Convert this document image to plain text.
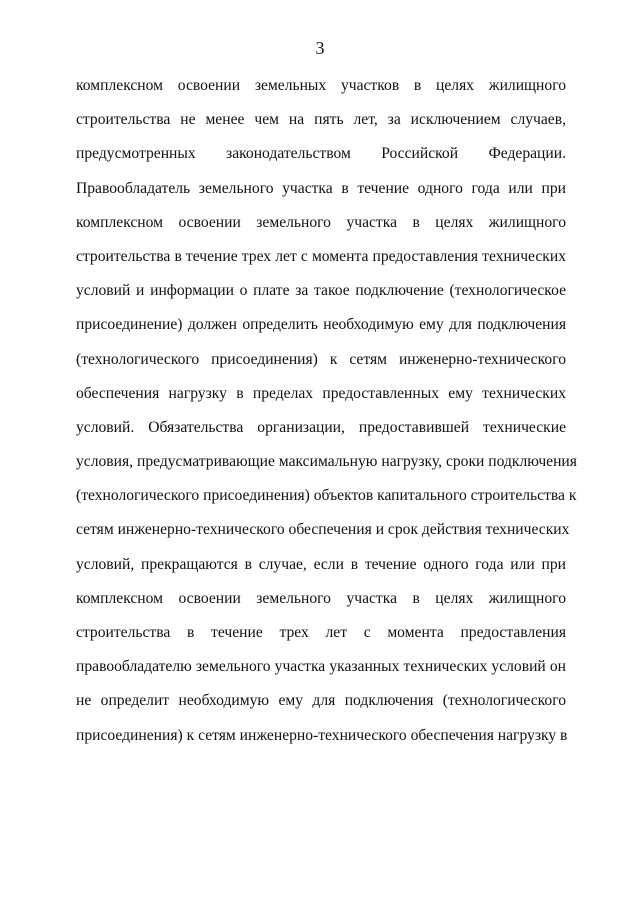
3
комплексном освоении земельных участков в целях жилищного
строительства не менее чем на пять лет, за исключением случаев,
предусмотренных законодательством Российской Федерации.
Правообладатель земельного участка в течение одного года или при
комплексном освоении земельного участка в целях жилищного
строительства в течение трех лет с момента предоставления технических
условий и информации о плате за такое подключение (технологическое
присоединение) должен определить необходимую ему для подключения
(технологического присоединения) к сетям инженерно-технического
обеспечения нагрузку в пределах предоставленных ему технических
условий. Обязательства организации, предоставившей технические
условия, предусматривающие максимальную нагрузку, сроки подключения
(технологического присоединения) объектов капитального строительства к
сетям инженерно-технического обеспечения и срок действия технических
условий, прекращаются в случае, если в течение одного года или при
комплексном освоении земельного участка в целях жилищного
строительства в течение трех лет с момента предоставления
правообладателю земельного участка указанных технических условий он
не определит необходимую ему для подключения (технологического
присоединения) к сетям инженерно-технического обеспечения нагрузку в
